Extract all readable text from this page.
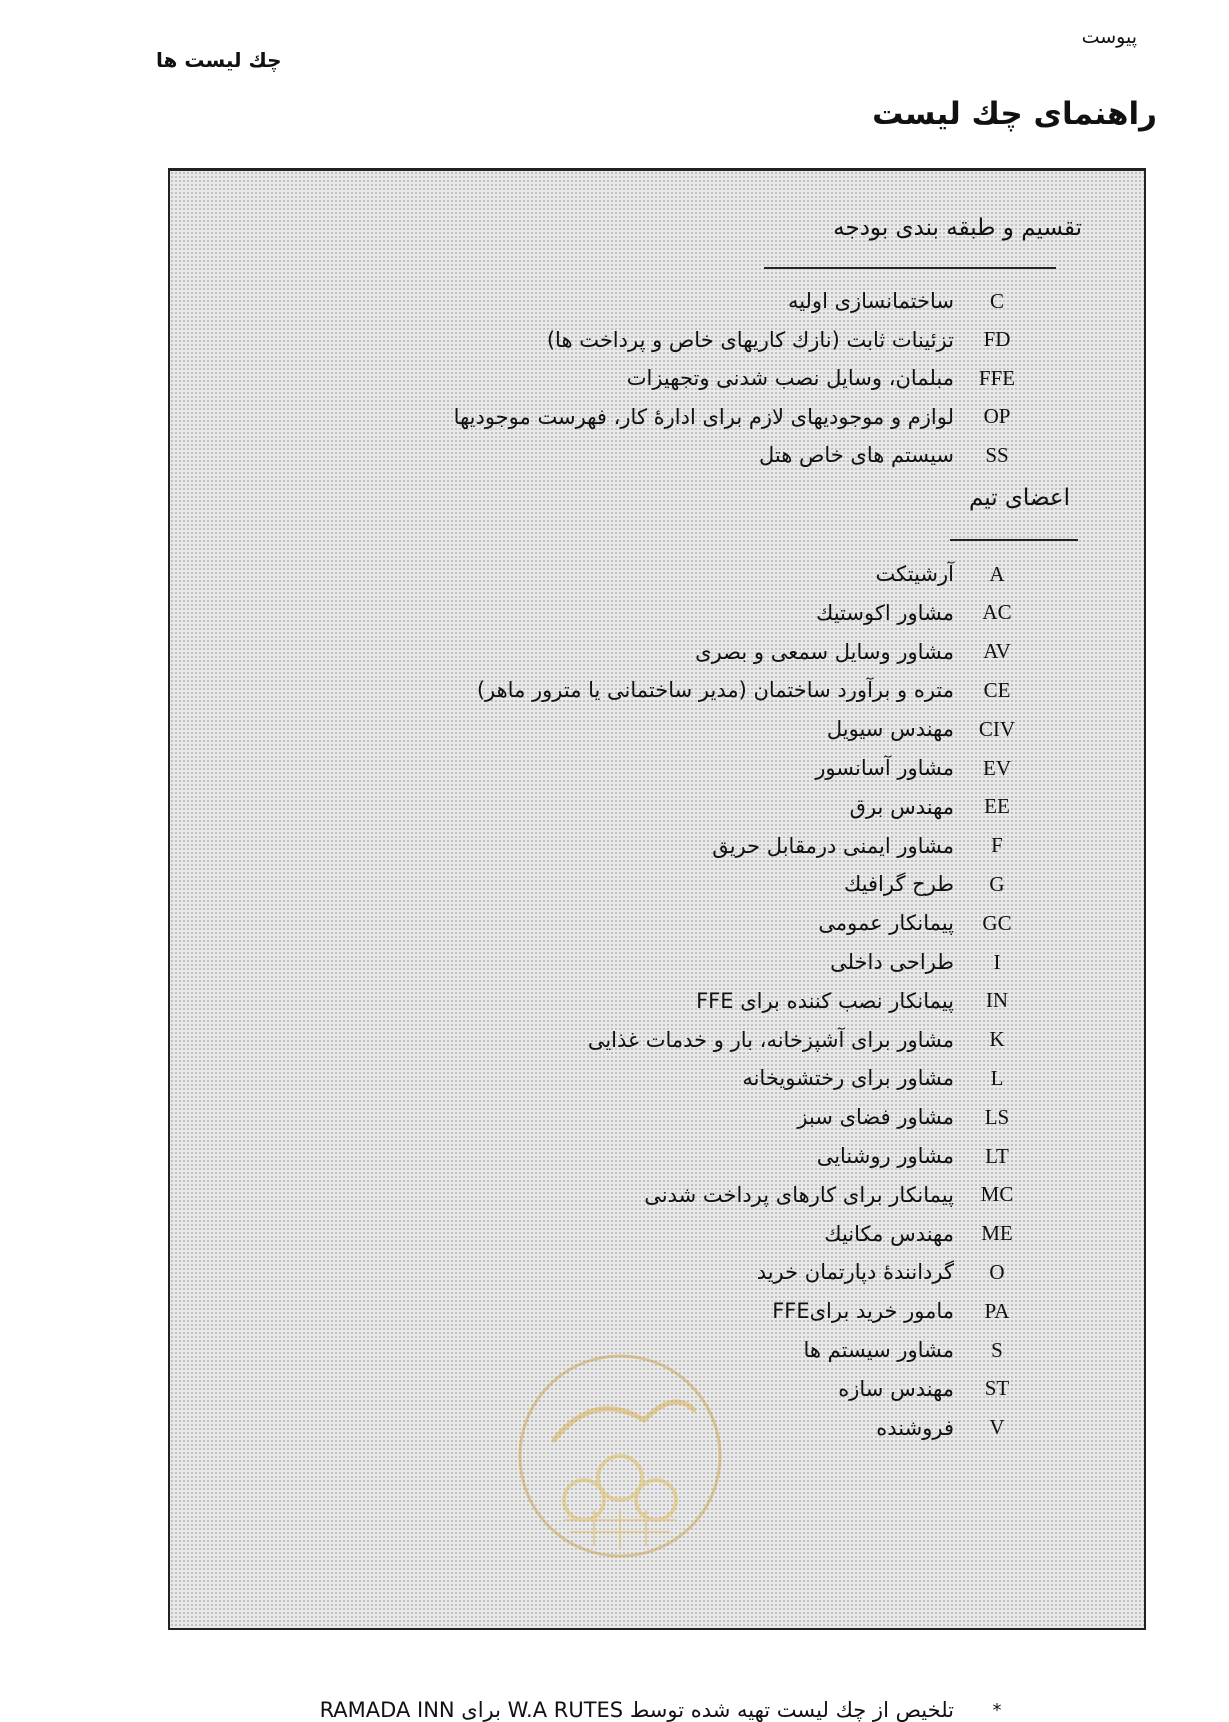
پیوست
چك لیست ها
راهنمای چك لیست
تقسیم و طبقه بندی بودجه
C
ساختمانسازی اولیه
FD
تزئینات ثابت (نازك كاریهای خاص و پرداخت ها)
FFE
مبلمان، وسایل نصب شدنی وتجهیزات
OP
لوازم و موجودیهای لازم برای ادارهٔ كار، فهرست موجودیها
SS
سیستم های خاص هتل
اعضای تیم
A
آرشیتکت
AC
مشاور اکوستیك
AV
مشاور وسایل سمعی و بصری
CE
متره و برآورد ساختمان (مدیر ساختمانی یا مترور ماهر)
CIV
مهندس سیویل
EV
مشاور آسانسور
EE
مهندس برق
F
مشاور ایمنی درمقابل حریق
G
طرح گرافیك
GC
پیمانكار عمومی
I
طراحی داخلی
IN
پیمانكار نصب كننده برای FFE
K
مشاور برای آشپزخانه، بار و خدمات غذایی
L
مشاور برای رختشویخانه
LS
مشاور فضای سبز
LT
مشاور روشنایی
MC
پیمانكار برای كارهای پرداخت شدنی
ME
مهندس مكانیك
O
گردانندهٔ دپارتمان خرید
PA
مامور خرید برایFFE
S
مشاور سیستم ها
ST
مهندس سازه
V
فروشنده
*
تلخیص از چك لیست تهیه شده توسط W.A RUTES برای RAMADA INN
